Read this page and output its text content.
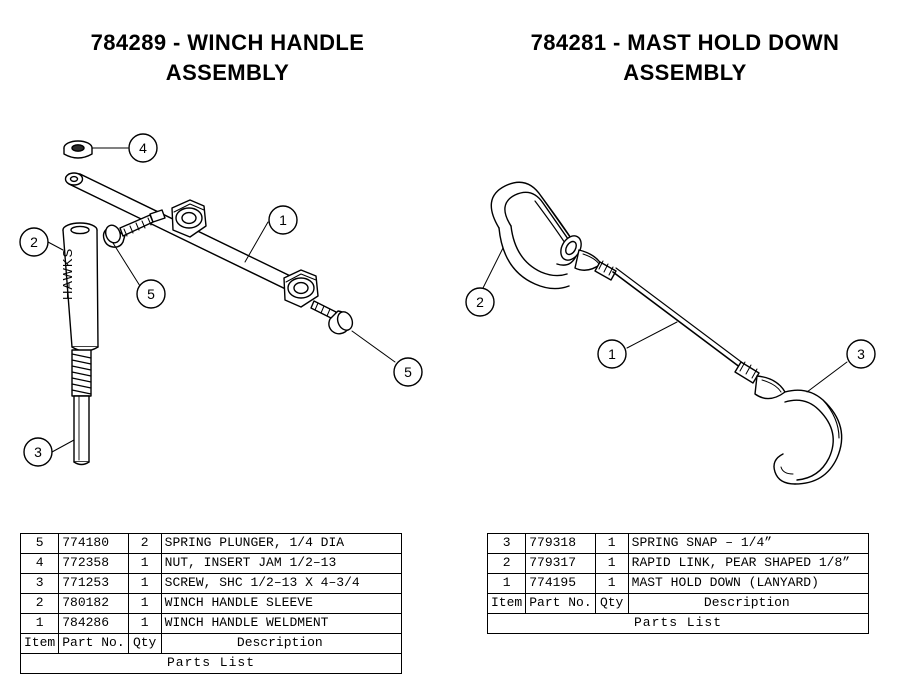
784289 - WINCH HANDLE
ASSEMBLY
HAWKS
4
1
2
3
5
5
784281 - MAST HOLD DOWN
ASSEMBLY
2
1	3
5	774180	2	SPRING PLUNGER, 1/4 DIA
4	772358	1	NUT, INSERT JAM 1/2–13
3	771253	1	SCREW, SHC 1/2–13 X 4–3/4
2	780182	1	WINCH HANDLE SLEEVE
1	784286	1	WINCH HANDLE WELDMENT
Item	Part No.	Qty	Description
Parts List			
3	779318	1	SPRING SNAP – 1/4”
2	779317	1	RAPID LINK, PEAR SHAPED 1/8”
1	774195	1	MAST HOLD DOWN (LANYARD)
Item	Part No.	Qty	Description
Parts List			
